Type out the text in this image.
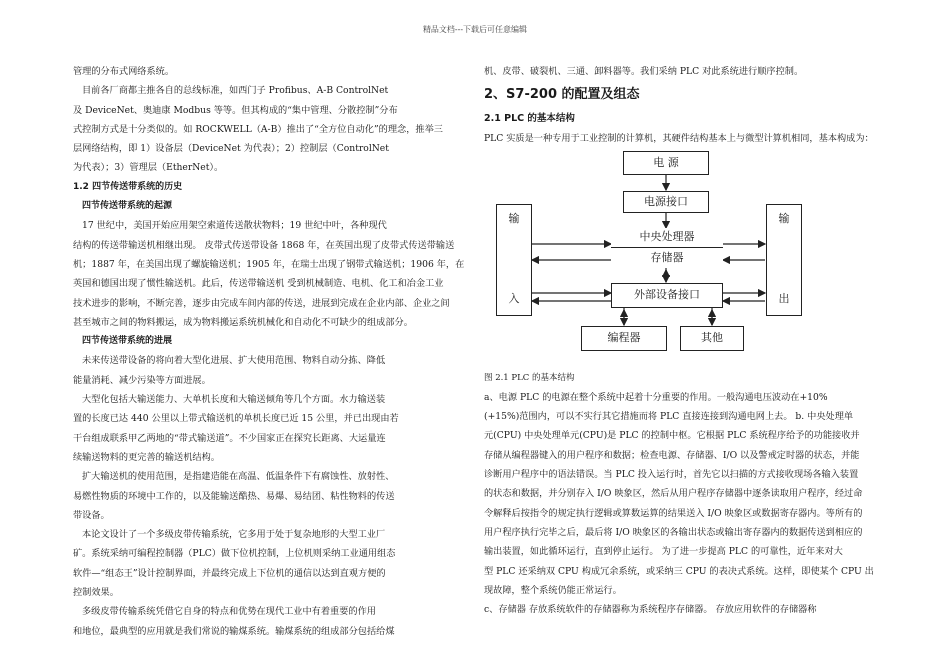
精品文档---下载后可任意编辑

管理的分布式网络系统。

目前各厂商都主推各自的总线标准，如西门子 Profibus、A-B ControlNet

及 DeviceNet、奥迪康 Modbus 等等。但其构成的“集中管理、分散控制”分布

式控制方式是十分类似的。如 ROCKWELL（A-B）推出了“全方位自动化”的理念，推举三

层网络结构，即 1）设备层（DeviceNet 为代表）；2）控制层（ControlNet

为代表）；3）管理层（EtherNet）。

1.2 四节传送带系统的历史

四节传送带系统的起源

17 世纪中，美国开始应用架空索道传送散状物料；19 世纪中叶，各种现代

结构的传送带输送机相继出现。 皮带式传送带设备 1868 年，在英国出现了皮带式传送带输送

机；1887 年，在美国出现了螺旋输送机；1905 年，在瑞士出现了钢带式输送机；1906 年，在

英国和德国出现了惯性输送机。此后，传送带输送机 受到机械制造、电机、化工和冶金工业

技术进步的影响，不断完善，逐步由完成车间内部的传送，进展到完成在企业内部、企业之间

甚至城市之间的物料搬运，成为物料搬运系统机械化和自动化不可缺少的组成部分。

四节传送带系统的进展

未来传送带设备的将向着大型化进展、扩大使用范围、物料自动分拣、降低

能量消耗、减少污染等方面进展。

大型化包括大输送能力、大单机长度和大输送倾角等几个方面。水力输送装

置的长度已达 440 公里以上带式输送机的单机长度已近 15 公里，并已出现由若

干台组成联系甲乙两地的“带式输送道”。不少国家正在探究长距离、大运量连

续输送物料的更完善的输送机结构。

扩大输送机的使用范围，是指建造能在高温、低温条件下有腐蚀性、放射性、

易燃性物质的环境中工作的，以及能输送酷热、易爆、易结团、粘性物料的传送

带设备。

本论文设计了一个多级皮带传输系统，它多用于处于复杂地形的大型工业厂

矿。系统采纳可编程控制器（PLC）做下位机控制，上位机则采纳工业通用组态

软件—“组态王”设计控制界面，并最终完成上下位机的通信以达到直观方便的

控制效果。

多级皮带传输系统凭借它自身的特点和优势在现代工业中有着重要的作用

和地位，最典型的应用就是我们常说的输煤系统。输煤系统的组成部分包括给煤

机、皮带、破裂机、三通、卸料器等。我们采纳 PLC 对此系统进行顺序控制。

2、S7-200 的配置及组态

2.1 PLC 的基本结构

PLC 实质是一种专用于工业控制的计算机，其硬件结构基本上与微型计算机相同，基本构成为：

电 源
电源接口
中央处理器
存储器
外部设备接口
编程器	其他
输
入
输
出

图 2.1 PLC 的基本结构

a、电源 PLC 的电源在整个系统中起着十分重要的作用。一般沟通电压波动在+10%

(+15%)范围内，可以不实行其它措施而将 PLC 直接连接到沟通电网上去。 b. 中央处理单

元(CPU) 中央处理单元(CPU)是 PLC 的控制中枢。它根据 PLC 系统程序给予的功能接收并

存储从编程器键入的用户程序和数据；检查电源、存储器、I/O 以及警戒定时器的状态，并能

诊断用户程序中的语法错误。当 PLC 投入运行时，首先它以扫描的方式接收现场各输入装置

的状态和数据，并分别存入 I/O 映象区，然后从用户程序存储器中逐条读取用户程序，经过命

令解释后按指令的规定执行逻辑或算数运算的结果送入 I/O 映象区或数据寄存器内。等所有的

用户程序执行完毕之后，最后将 I/O 映象区的各输出状态或输出寄存器内的数据传送到相应的

输出装置，如此循环运行，直到停止运行。 为了进一步提高 PLC 的可靠性，近年来对大

型 PLC 还采纳双 CPU 构成冗余系统，或采纳三 CPU 的表决式系统。这样，即使某个 CPU 出

现故障，整个系统仍能正常运行。

c、存储器 存放系统软件的存储器称为系统程序存储器。 存放应用软件的存储器称
